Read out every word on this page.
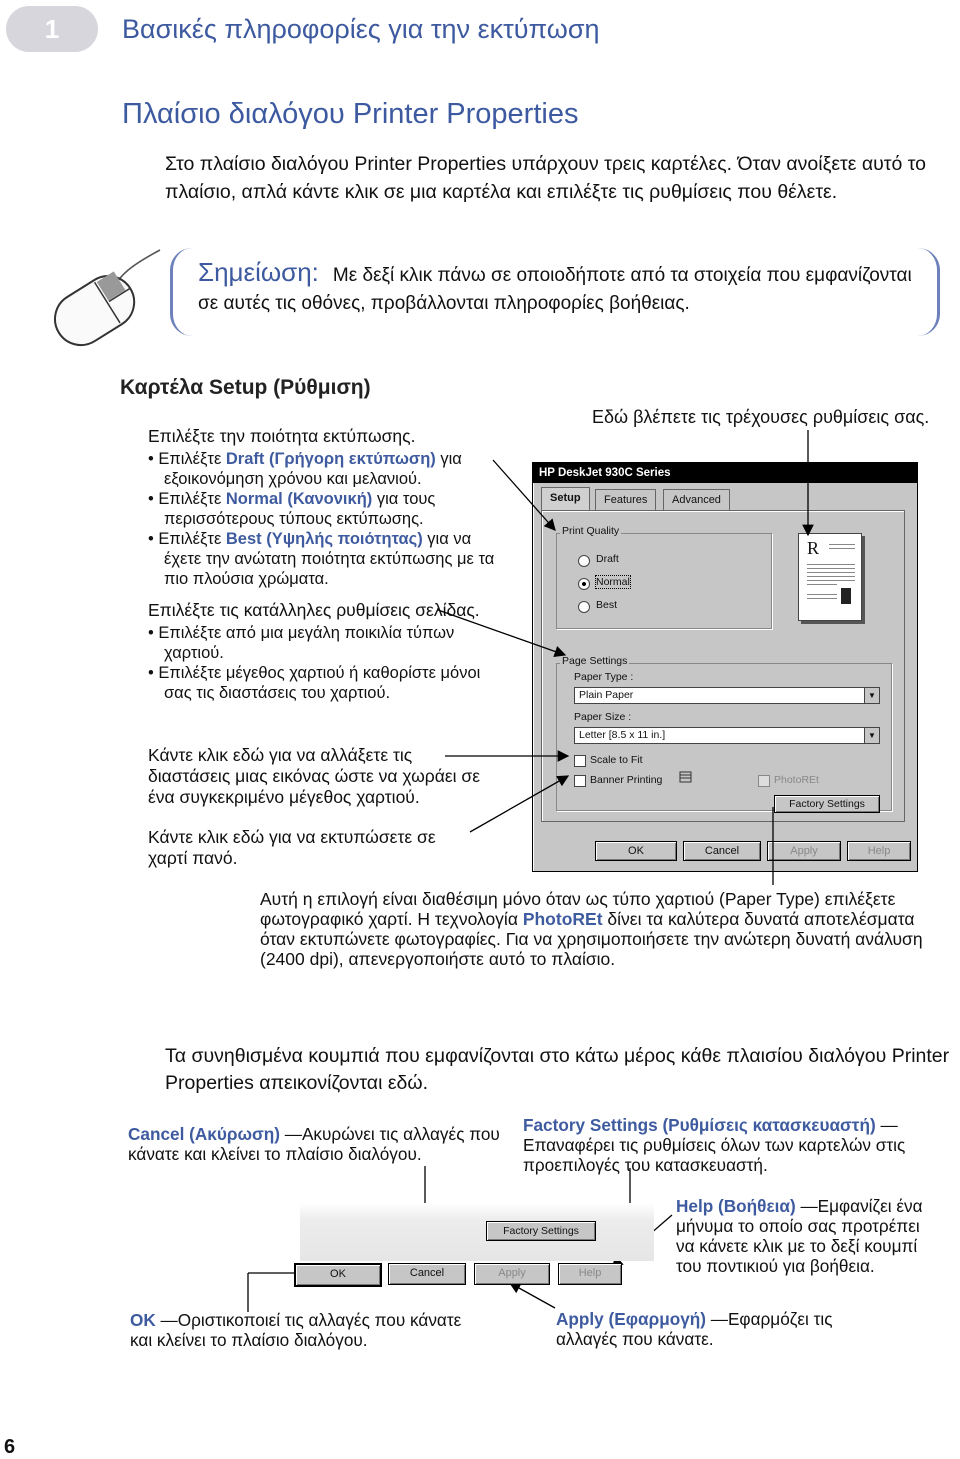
1	Βασικές πληροφορίες για την εκτύπωση
Πλαίσιο διαλόγου Printer Properties
Στο πλαίσιο διαλόγου Printer Properties υπάρχουν τρεις καρτέλες. Όταν ανοίξετε αυτό το πλαίσιο, απλά κάντε κλικ σε μια καρτέλα και επιλέξτε τις ρυθμίσεις που θέλετε.
Σημείωση: Με δεξί κλικ πάνω σε οποιοδήποτε από τα στοιχεία που εμφανίζονται σε αυτές τις οθόνες, προβάλλονται πληροφορίες βοήθειας.
Καρτέλα Setup (Ρύθμιση)
Επιλέξτε την ποιότητα εκτύπωσης.
• Επιλέξτε Draft (Γρήγορη εκτύπωση) για εξοικονόμηση χρόνου και μελανιού.
• Επιλέξτε Normal (Κανονική) για τους περισσότερους τύπους εκτύπωσης.
• Επιλέξτε Best (Υψηλής ποιότητας) για να έχετε την ανώτατη ποιότητα εκτύπωσης με τα πιο πλούσια χρώματα.
Επιλέξτε τις κατάλληλες ρυθμίσεις σελίδας.
• Επιλέξτε από μια μεγάλη ποικιλία τύπων χαρτιού.
• Επιλέξτε μέγεθος χαρτιού ή καθορίστε μόνοι σας τις διαστάσεις του χαρτιού.
Κάντε κλικ εδώ για να αλλάξετε τις διαστάσεις μιας εικόνας ώστε να χωράει σε ένα συγκεκριμένο μέγεθος χαρτιού.
Κάντε κλικ εδώ για να εκτυπώσετε σε χαρτί πανό.
Εδώ βλέπετε τις τρέχουσες ρυθμίσεις σας.
HP DeskJet 930C Series
Setup	Features	Advanced
Print Quality
Draft
Normal
Best
R
Page Settings
Paper Type :
Plain Paper	▼
Paper Size :
Letter [8.5 x 11 in.]	▼
Scale to Fit
Banner Printing	PhotoREt
Factory Settings
OK	Cancel	Apply	Help
Αυτή η επιλογή είναι διαθέσιμη μόνο όταν ως τύπο χαρτιού (Paper Type) επιλέξετε φωτογραφικό χαρτί. Η τεχνολογία PhotoREt δίνει τα καλύτερα δυνατά αποτελέσματα όταν εκτυπώνετε φωτογραφίες. Για να χρησιμοποιήσετε την ανώτερη δυνατή ανάλυση (2400 dpi), απενεργοποιήστε αυτό το πλαίσιο.
Τα συνηθισμένα κουμπιά που εμφανίζονται στο κάτω μέρος κάθε πλαισίου διαλόγου Printer Properties απεικονίζονται εδώ.
Cancel (Ακύρωση) —Ακυρώνει τις αλλαγές που κάνατε και κλείνει το πλαίσιο διαλόγου.
Factory Settings (Ρυθμίσεις κατασκευαστή) — Επαναφέρει τις ρυθμίσεις όλων των καρτελών στις προεπιλογές του κατασκευαστή.
Help (Βοήθεια) —Εμφανίζει ένα μήνυμα το οποίο σας προτρέπει να κάνετε κλικ με το δεξί κουμπί του ποντικιού για βοήθεια.
OK —Οριστικοποιεί τις αλλαγές που κάνατε και κλείνει το πλαίσιο διαλόγου.
Apply (Εφαρμογή) —Εφαρμόζει τις αλλαγές που κάνατε.
Factory Settings
OK	Cancel	Apply	Help
6
